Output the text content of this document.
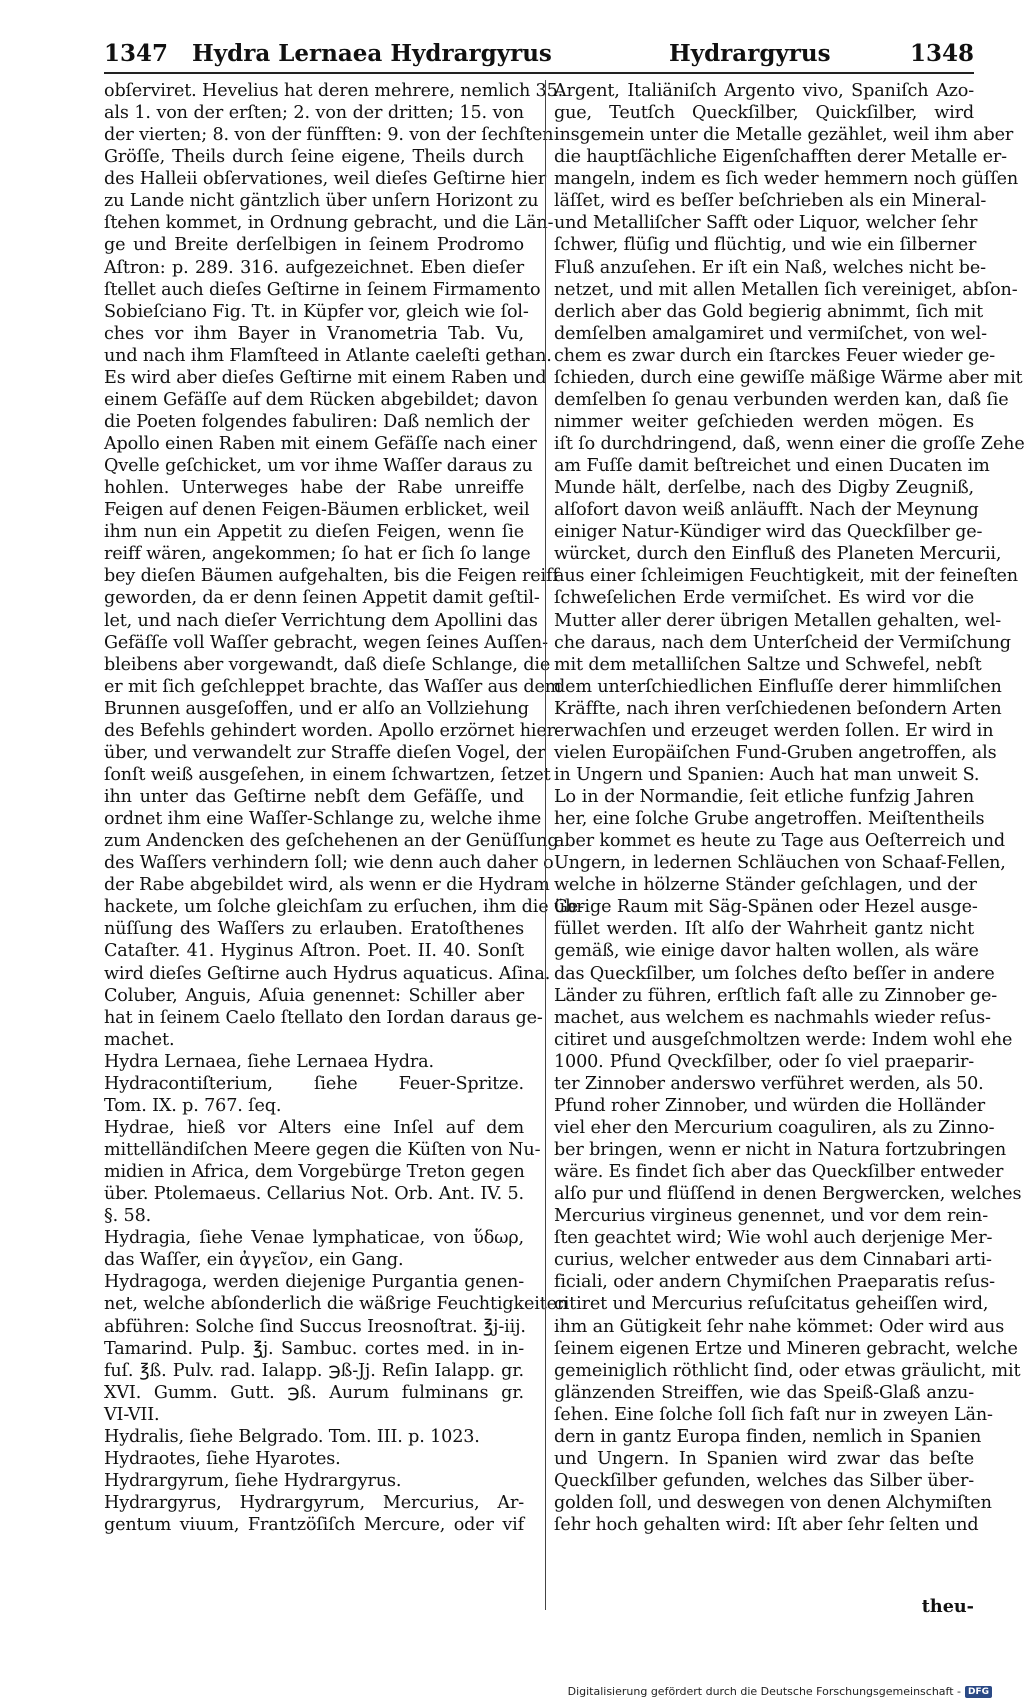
1347 Hydra Lernaea Hydrargyrus	Hydrargyrus	1348
obſerviret. Hevelius hat deren mehrere, nemlich 35.
als 1. von der erſten; 2. von der dritten; 15. von
der vierten; 8. von der fünfften: 9. von der ſechſten
Gröſſe, Theils durch ſeine eigene, Theils durch
des Halleii obſervationes, weil dieſes Geſtirne hier
zu Lande nicht gäntzlich über unſern Horizont zu
ſtehen kommet, in Ordnung gebracht, und die Län-
ge und Breite derſelbigen in ſeinem Prodromo
Aſtron: p. 289. 316. aufgezeichnet. Eben dieſer
ſtellet auch dieſes Geſtirne in ſeinem Firmamento
Sobieſciano Fig. Tt. in Küpfer vor, gleich wie ſol-
ches vor ihm Bayer in Vranometria Tab. Vu,
und nach ihm Flamſteed in Atlante caeleſti gethan.
Es wird aber dieſes Geſtirne mit einem Raben und
einem Gefäſſe auf dem Rücken abgebildet; davon
die Poeten folgendes fabuliren: Daß nemlich der
Apollo einen Raben mit einem Gefäſſe nach einer
Qvelle geſchicket, um vor ihme Waſſer daraus zu
hohlen. Unterweges habe der Rabe unreiffe
Feigen auf denen Feigen-Bäumen erblicket, weil
ihm nun ein Appetit zu dieſen Feigen, wenn ſie
reiff wären, angekommen; ſo hat er ſich ſo lange
bey dieſen Bäumen aufgehalten, bis die Feigen reiff
geworden, da er denn ſeinen Appetit damit geſtil-
let, und nach dieſer Verrichtung dem Apollini das
Gefäſſe voll Waſſer gebracht, wegen ſeines Auſſen-
bleibens aber vorgewandt, daß dieſe Schlange, die
er mit ſich geſchleppet brachte, das Waſſer aus dem
Brunnen ausgeſoffen, und er alſo an Vollziehung
des Befehls gehindert worden. Apollo erzörnet hier-
über, und verwandelt zur Straffe dieſen Vogel, der
ſonſt weiß ausgeſehen, in einem ſchwartzen, ſetzet
ihn unter das Geſtirne nebſt dem Gefäſſe, und
ordnet ihm eine Waſſer-Schlange zu, welche ihme
zum Andencken des geſchehenen an der Genüſſung
des Waſſers verhindern ſoll; wie denn auch daher o
der Rabe abgebildet wird, als wenn er die Hydram
hackete, um ſolche gleichſam zu erſuchen, ihm die Ge-
nüſſung des Waſſers zu erlauben. Eratoſthenes
Cataſter. 41. Hyginus Aſtron. Poet. II. 40. Sonſt
wird dieſes Geſtirne auch Hydrus aquaticus. Aſina.
Coluber, Anguis, Aſuia genennet: Schiller aber
hat in ſeinem Caelo ſtellato den Iordan daraus ge-
machet.
Hydra Lernaea, ſiehe Lernaea Hydra.
Hydracontiſterium, ſiehe Feuer-Spritze.
Tom. IX. p. 767. ſeq.
Hydrae, hieß vor Alters eine Inſel auf dem
mittelländiſchen Meere gegen die Küſten von Nu-
midien in Africa, dem Vorgebürge Treton gegen
über. Ptolemaeus. Cellarius Not. Orb. Ant. IV. 5.
§. 58.
Hydragia, ſiehe Venae lymphaticae, von ὕδωρ,
das Waſſer, ein ἀγγεῖον, ein Gang.
Hydragoga, werden diejenige Purgantia genen-
net, welche abſonderlich die wäßrige Feuchtigkeiten
abführen: Solche ſind Succus Ireosnoſtrat. ℥j-iij.
Tamarind. Pulp. ℥j. Sambuc. cortes med. in in-
fuſ. ℥ß. Pulv. rad. Ialapp. ℈ß-Jj. Reſin Ialapp. gr.
XVI. Gumm. Gutt. ℈ß. Aurum fulminans gr.
VI-VII.
Hydralis, ſiehe Belgrado. Tom. III. p. 1023.
Hydraotes, ſiehe Hyarotes.
Hydrargyrum, ſiehe Hydrargyrus.
Hydrargyrus, Hydrargyrum, Mercurius, Ar-
gentum viuum, Frantzöſiſch Mercure, oder vif
Argent, Italiäniſch Argento vivo, Spaniſch Azo-
gue, Teutſch Queckſilber, Quickſilber, wird
insgemein unter die Metalle gezählet, weil ihm aber
die hauptſächliche Eigenſchafften derer Metalle er-
mangeln, indem es ſich weder hemmern noch güſſen
läſſet, wird es beſſer beſchrieben als ein Mineral-
und Metalliſcher Safft oder Liquor, welcher ſehr
ſchwer, flüſig und flüchtig, und wie ein ſilberner
Fluß anzuſehen. Er iſt ein Naß, welches nicht be-
netzet, und mit allen Metallen ſich vereiniget, abſon-
derlich aber das Gold begierig abnimmt, ſich mit
demſelben amalgamiret und vermiſchet, von wel-
chem es zwar durch ein ſtarckes Feuer wieder ge-
ſchieden, durch eine gewiſſe mäßige Wärme aber mit
demſelben ſo genau verbunden werden kan, daß ſie
nimmer weiter geſchieden werden mögen. Es
iſt ſo durchdringend, daß, wenn einer die groſſe Zehe
am Fuſſe damit beſtreichet und einen Ducaten im
Munde hält, derſelbe, nach des Digby Zeugniß,
alſofort davon weiß anläufft. Nach der Meynung
einiger Natur-Kündiger wird das Queckſilber ge-
würcket, durch den Einfluß des Planeten Mercurii,
aus einer ſchleimigen Feuchtigkeit, mit der feineſten
ſchweſelichen Erde vermiſchet. Es wird vor die
Mutter aller derer übrigen Metallen gehalten, wel-
che daraus, nach dem Unterſcheid der Vermiſchung
mit dem metalliſchen Saltze und Schwefel, nebſt
dem unterſchiedlichen Einfluſſe derer himmliſchen
Kräffte, nach ihren verſchiedenen beſondern Arten
erwachſen und erzeuget werden ſollen. Er wird in
vielen Europäiſchen Fund-Gruben angetroffen, als
in Ungern und Spanien: Auch hat man unweit S.
Lo in der Normandie, ſeit etliche funfzig Jahren
her, eine ſolche Grube angetroffen. Meiſtentheils
aber kommet es heute zu Tage aus Oeſterreich und
Ungern, in ledernen Schläuchen von Schaaf-Fellen,
welche in hölzerne Ständer geſchlagen, und der
übrige Raum mit Säg-Spänen oder Heƶel ausge-
füllet werden. Iſt alſo der Wahrheit gantz nicht
gemäß, wie einige davor halten wollen, als wäre
das Queckſilber, um ſolches deſto beſſer in andere
Länder zu führen, erſtlich faſt alle zu Zinnober ge-
machet, aus welchem es nachmahls wieder reſus-
citiret und ausgeſchmoltzen werde: Indem wohl ehe
1000. Pfund Qveckſilber, oder ſo viel praeparir-
ter Zinnober anderswo verführet werden, als 50.
Pfund roher Zinnober, und würden die Holländer
viel eher den Mercurium coaguliren, als zu Zinno-
ber bringen, wenn er nicht in Natura fortzubringen
wäre. Es findet ſich aber das Queckſilber entweder
alſo pur und flüſſend in denen Bergwercken, welches
Mercurius virgineus genennet, und vor dem rein-
ſten geachtet wird; Wie wohl auch derjenige Mer-
curius, welcher entweder aus dem Cinnabari arti-
ficiali, oder andern Chymiſchen Praeparatis reſus-
citiret und Mercurius reſuſcitatus geheiſſen wird,
ihm an Gütigkeit ſehr nahe kömmet: Oder wird aus
ſeinem eigenen Ertze und Mineren gebracht, welche
gemeiniglich röthlicht ſind, oder etwas gräulicht, mit
glänzenden Streiffen, wie das Speiß-Glaß anzu-
ſehen. Eine ſolche ſoll ſich faſt nur in zweyen Län-
dern in gantz Europa finden, nemlich in Spanien
und Ungern. In Spanien wird zwar das beſte
Queckſilber gefunden, welches das Silber über-
golden ſoll, und deswegen von denen Alchymiſten
ſehr hoch gehalten wird: Iſt aber ſehr ſelten und
theu-
Digitalisierung gefördert durch die Deutsche Forschungsgemeinschaft - DFG
